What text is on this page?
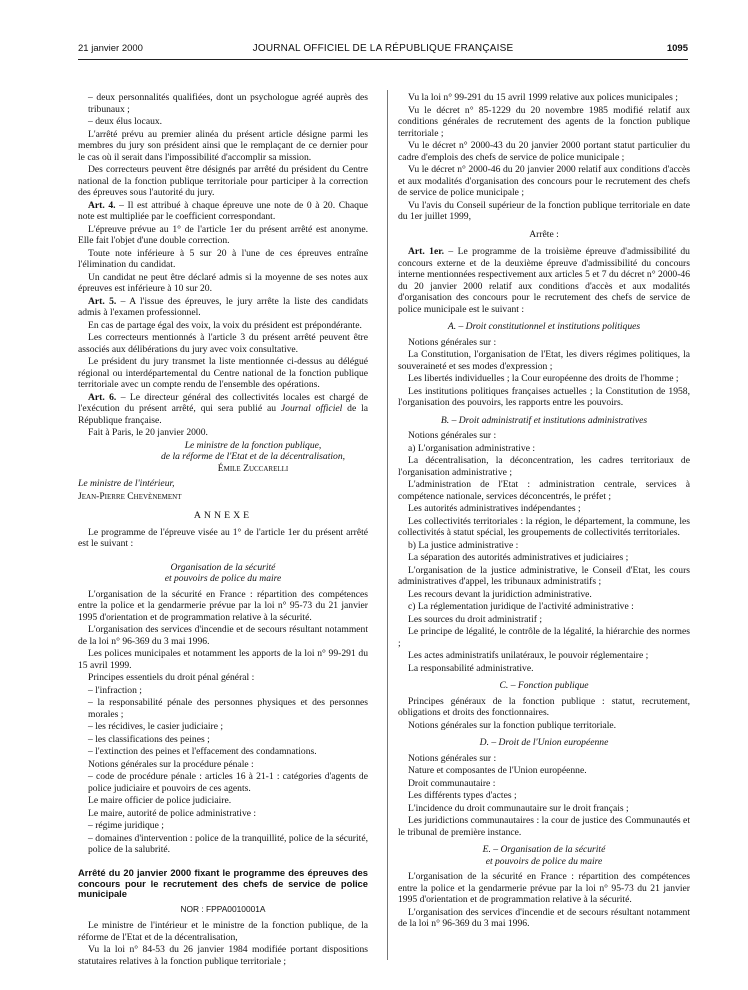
21 janvier 2000	JOURNAL OFFICIEL DE LA RÉPUBLIQUE FRANÇAISE	1095

– deux personnalités qualifiées, dont un psychologue agréé auprès des tribunaux ;

– deux élus locaux.

L'arrêté prévu au premier alinéa du présent article désigne parmi les membres du jury son président ainsi que le remplaçant de ce dernier pour le cas où il serait dans l'impossibilité d'accomplir sa mission.

Des correcteurs peuvent être désignés par arrêté du président du Centre national de la fonction publique territoriale pour participer à la correction des épreuves sous l'autorité du jury.

Art. 4. – Il est attribué à chaque épreuve une note de 0 à 20. Chaque note est multipliée par le coefficient correspondant.

L'épreuve prévue au 1° de l'article 1er du présent arrêté est anonyme. Elle fait l'objet d'une double correction.

Toute note inférieure à 5 sur 20 à l'une de ces épreuves entraîne l'élimination du candidat.

Un candidat ne peut être déclaré admis si la moyenne de ses notes aux épreuves est inférieure à 10 sur 20.

Art. 5. – A l'issue des épreuves, le jury arrête la liste des candidats admis à l'examen professionnel.

En cas de partage égal des voix, la voix du président est prépondérante.

Les correcteurs mentionnés à l'article 3 du présent arrêté peuvent être associés aux délibérations du jury avec voix consultative.

Le président du jury transmet la liste mentionnée ci-dessus au délégué régional ou interdépartemental du Centre national de la fonction publique territoriale avec un compte rendu de l'ensemble des opérations.

Art. 6. – Le directeur général des collectivités locales est chargé de l'exécution du présent arrêté, qui sera publié au Journal officiel de la République française.

Fait à Paris, le 20 janvier 2000.

Le ministre de la fonction publique,
de la réforme de l'Etat et de la décentralisation,
Émile Zuccarelli

Le ministre de l'intérieur,

Jean-Pierre Chevènement

ANNEXE

Le programme de l'épreuve visée au 1° de l'article 1er du présent arrêté est le suivant :

Organisation de la sécurité
et pouvoirs de police du maire

L'organisation de la sécurité en France : répartition des compétences entre la police et la gendarmerie prévue par la loi n° 95-73 du 21 janvier 1995 d'orientation et de programmation relative à la sécurité.

L'organisation des services d'incendie et de secours résultant notamment de la loi n° 96-369 du 3 mai 1996.

Les polices municipales et notamment les apports de la loi n° 99-291 du 15 avril 1999.

Principes essentiels du droit pénal général :

– l'infraction ;

– la responsabilité pénale des personnes physiques et des personnes morales ;

– les récidives, le casier judiciaire ;

– les classifications des peines ;

– l'extinction des peines et l'effacement des condamnations.

Notions générales sur la procédure pénale :

– code de procédure pénale : articles 16 à 21-1 : catégories d'agents de police judiciaire et pouvoirs de ces agents.

Le maire officier de police judiciaire.

Le maire, autorité de police administrative :

– régime juridique ;

– domaines d'intervention : police de la tranquillité, police de la sécurité, police de la salubrité.

Arrêté du 20 janvier 2000 fixant le programme des épreuves des concours pour le recrutement des chefs de service de police municipale

NOR : FPPA0010001A

Le ministre de l'intérieur et le ministre de la fonction publique, de la réforme de l'Etat et de la décentralisation,

Vu la loi n° 84-53 du 26 janvier 1984 modifiée portant dispositions statutaires relatives à la fonction publique territoriale ;

Vu la loi n° 99-291 du 15 avril 1999 relative aux polices municipales ;

Vu le décret n° 85-1229 du 20 novembre 1985 modifié relatif aux conditions générales de recrutement des agents de la fonction publique territoriale ;

Vu le décret n° 2000-43 du 20 janvier 2000 portant statut particulier du cadre d'emplois des chefs de service de police municipale ;

Vu le décret n° 2000-46 du 20 janvier 2000 relatif aux conditions d'accès et aux modalités d'organisation des concours pour le recrutement des chefs de service de police municipale ;

Vu l'avis du Conseil supérieur de la fonction publique territoriale en date du 1er juillet 1999,

Arrête :

Art. 1er. – Le programme de la troisième épreuve d'admissibilité du concours externe et de la deuxième épreuve d'admissibilité du concours interne mentionnées respectivement aux articles 5 et 7 du décret n° 2000-46 du 20 janvier 2000 relatif aux conditions d'accès et aux modalités d'organisation des concours pour le recrutement des chefs de service de police municipale est le suivant :

A. – Droit constitutionnel et institutions politiques

Notions générales sur :

La Constitution, l'organisation de l'Etat, les divers régimes politiques, la souveraineté et ses modes d'expression ;

Les libertés individuelles ; la Cour européenne des droits de l'homme ;

Les institutions politiques françaises actuelles ; la Constitution de 1958, l'organisation des pouvoirs, les rapports entre les pouvoirs.

B. – Droit administratif et institutions administratives

Notions générales sur :

a) L'organisation administrative :

La décentralisation, la déconcentration, les cadres territoriaux de l'organisation administrative ;

L'administration de l'Etat : administration centrale, services à compétence nationale, services déconcentrés, le préfet ;

Les autorités administratives indépendantes ;

Les collectivités territoriales : la région, le département, la commune, les collectivités à statut spécial, les groupements de collectivités territoriales.

b) La justice administrative :

La séparation des autorités administratives et judiciaires ;

L'organisation de la justice administrative, le Conseil d'Etat, les cours administratives d'appel, les tribunaux administratifs ;

Les recours devant la juridiction administrative.

c) La réglementation juridique de l'activité administrative :

Les sources du droit administratif ;

Le principe de légalité, le contrôle de la légalité, la hiérarchie des normes ;

Les actes administratifs unilatéraux, le pouvoir réglementaire ;

La responsabilité administrative.

C. – Fonction publique

Principes généraux de la fonction publique : statut, recrutement, obligations et droits des fonctionnaires.

Notions générales sur la fonction publique territoriale.

D. – Droit de l'Union européenne

Notions générales sur :

Nature et composantes de l'Union européenne.

Droit communautaire :

Les différents types d'actes ;

L'incidence du droit communautaire sur le droit français ;

Les juridictions communautaires : la cour de justice des Communautés et le tribunal de première instance.

E. – Organisation de la sécurité
et pouvoirs de police du maire

L'organisation de la sécurité en France : répartition des compétences entre la police et la gendarmerie prévue par la loi n° 95-73 du 21 janvier 1995 d'orientation et de programmation relative à la sécurité.

L'organisation des services d'incendie et de secours résultant notamment de la loi n° 96-369 du 3 mai 1996.
